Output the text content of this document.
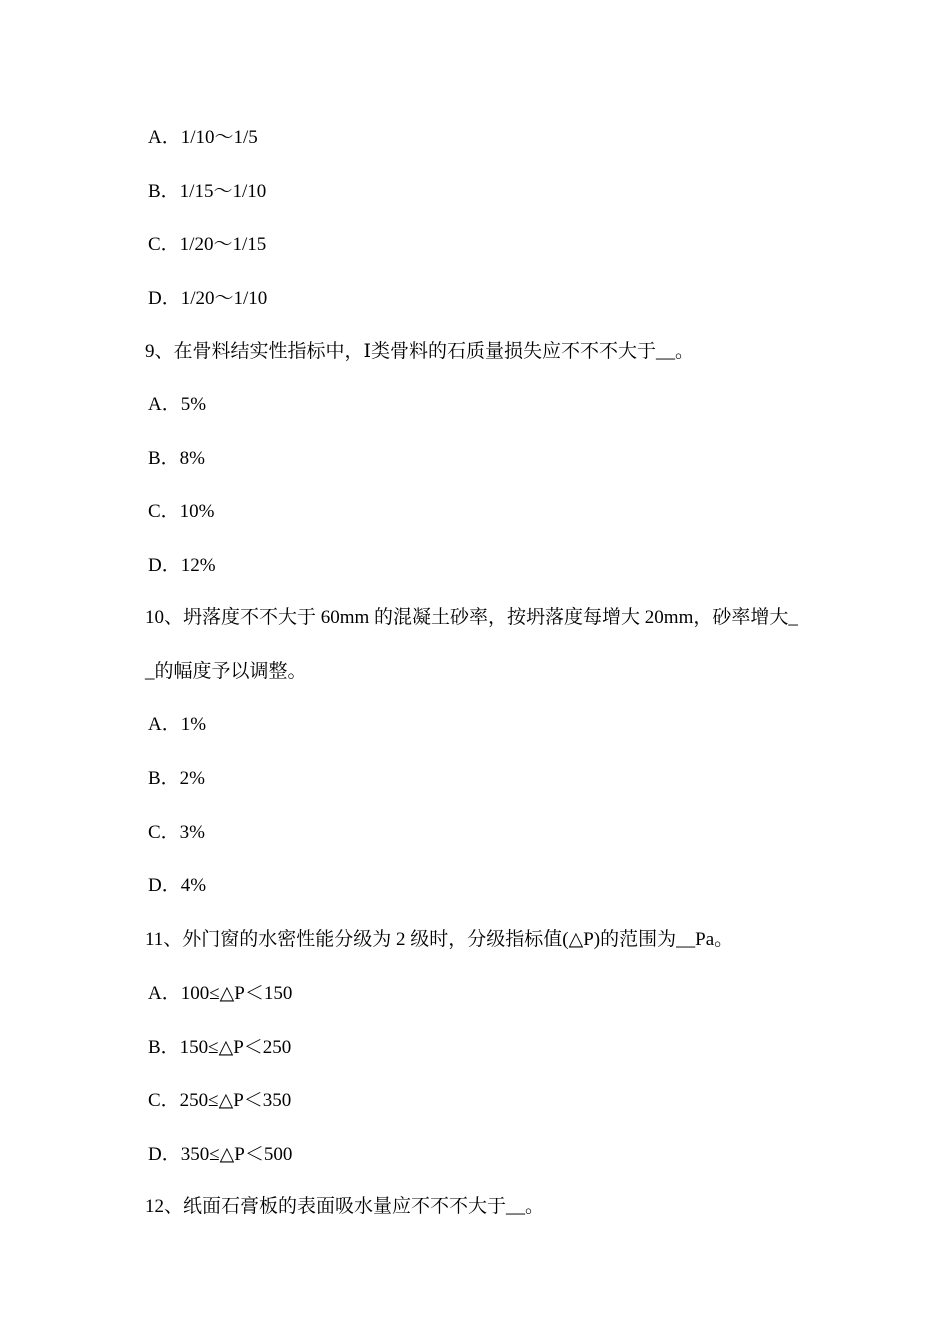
A．1/10～1/5
B．1/15～1/10
C．1/20～1/15
D．1/20～1/10
9、在骨料结实性指标中，Ⅰ类骨料的石质量损失应不不不大于__。
A．5%
B．8%
C．10%
D．12%
10、坍落度不不大于 60mm 的混凝土砂率，按坍落度每增大 20mm，砂率增大_
_的幅度予以调整。
A．1%
B．2%
C．3%
D．4%
11、外门窗的水密性能分级为 2 级时，分级指标值(△P)的范围为__Pa。
A．100≤△P＜150
B．150≤△P＜250
C．250≤△P＜350
D．350≤△P＜500
12、纸面石膏板的表面吸水量应不不不大于__。
